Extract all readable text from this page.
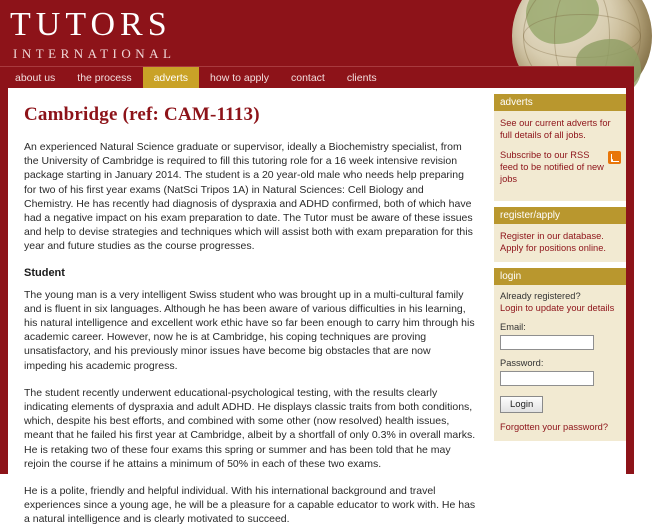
TUTORS
INTERNATIONAL
about us	the process	adverts	how to apply	contact	clients
Cambridge (ref: CAM-1113)

An experienced Natural Science graduate or supervisor, ideally a Biochemistry specialist, from the University of Cambridge is required to fill this tutoring role for a 16 week intensive revision package starting in January 2014. The student is a 20 year-old male who needs help preparing for two of his first year exams (NatSci Tripos 1A) in Natural Sciences: Cell Biology and Chemistry. He has recently had diagnosis of dyspraxia and ADHD confirmed, both of which have had a negative impact on his exam preparation to date. The Tutor must be aware of these issues and help to devise strategies and techniques which will assist both with exam preparation for this year and future studies as the course progresses.

Student

The young man is a very intelligent Swiss student who was brought up in a multi-cultural family and is fluent in six languages. Although he has been aware of various difficulties in his learning, his natural intelligence and excellent work ethic have so far been enough to carry him through his academic career. However, now he is at Cambridge, his coping techniques are proving unsatisfactory, and his previously minor issues have become big obstacles that are now impeding his academic progress.

The student recently underwent educational-psychological testing, with the results clearly indicating elements of dyspraxia and adult ADHD. He displays classic traits from both conditions, which, despite his best efforts, and combined with some other (now resolved) health issues, meant that he failed his first year at Cambridge, albeit by a shortfall of only 0.3% in overall marks. He is retaking two of these four exams this spring or summer and has been told that he may rejoin the course if he attains a minimum of 50% in each of these two exams.

He is a polite, friendly and helpful individual. With his international background and travel experiences since a young age, he will be a pleasure for a capable educator to work with. He has a natural intelligence and is clearly motivated to succeed.

adverts
See our current adverts for full details of all jobs.
Subscribe to our RSS feed to be notified of new jobs
register/apply
Register in our database. Apply for positions online.
login
Already registered?
Login to update your details
Email:
Password:
Login
Forgotten your password?
